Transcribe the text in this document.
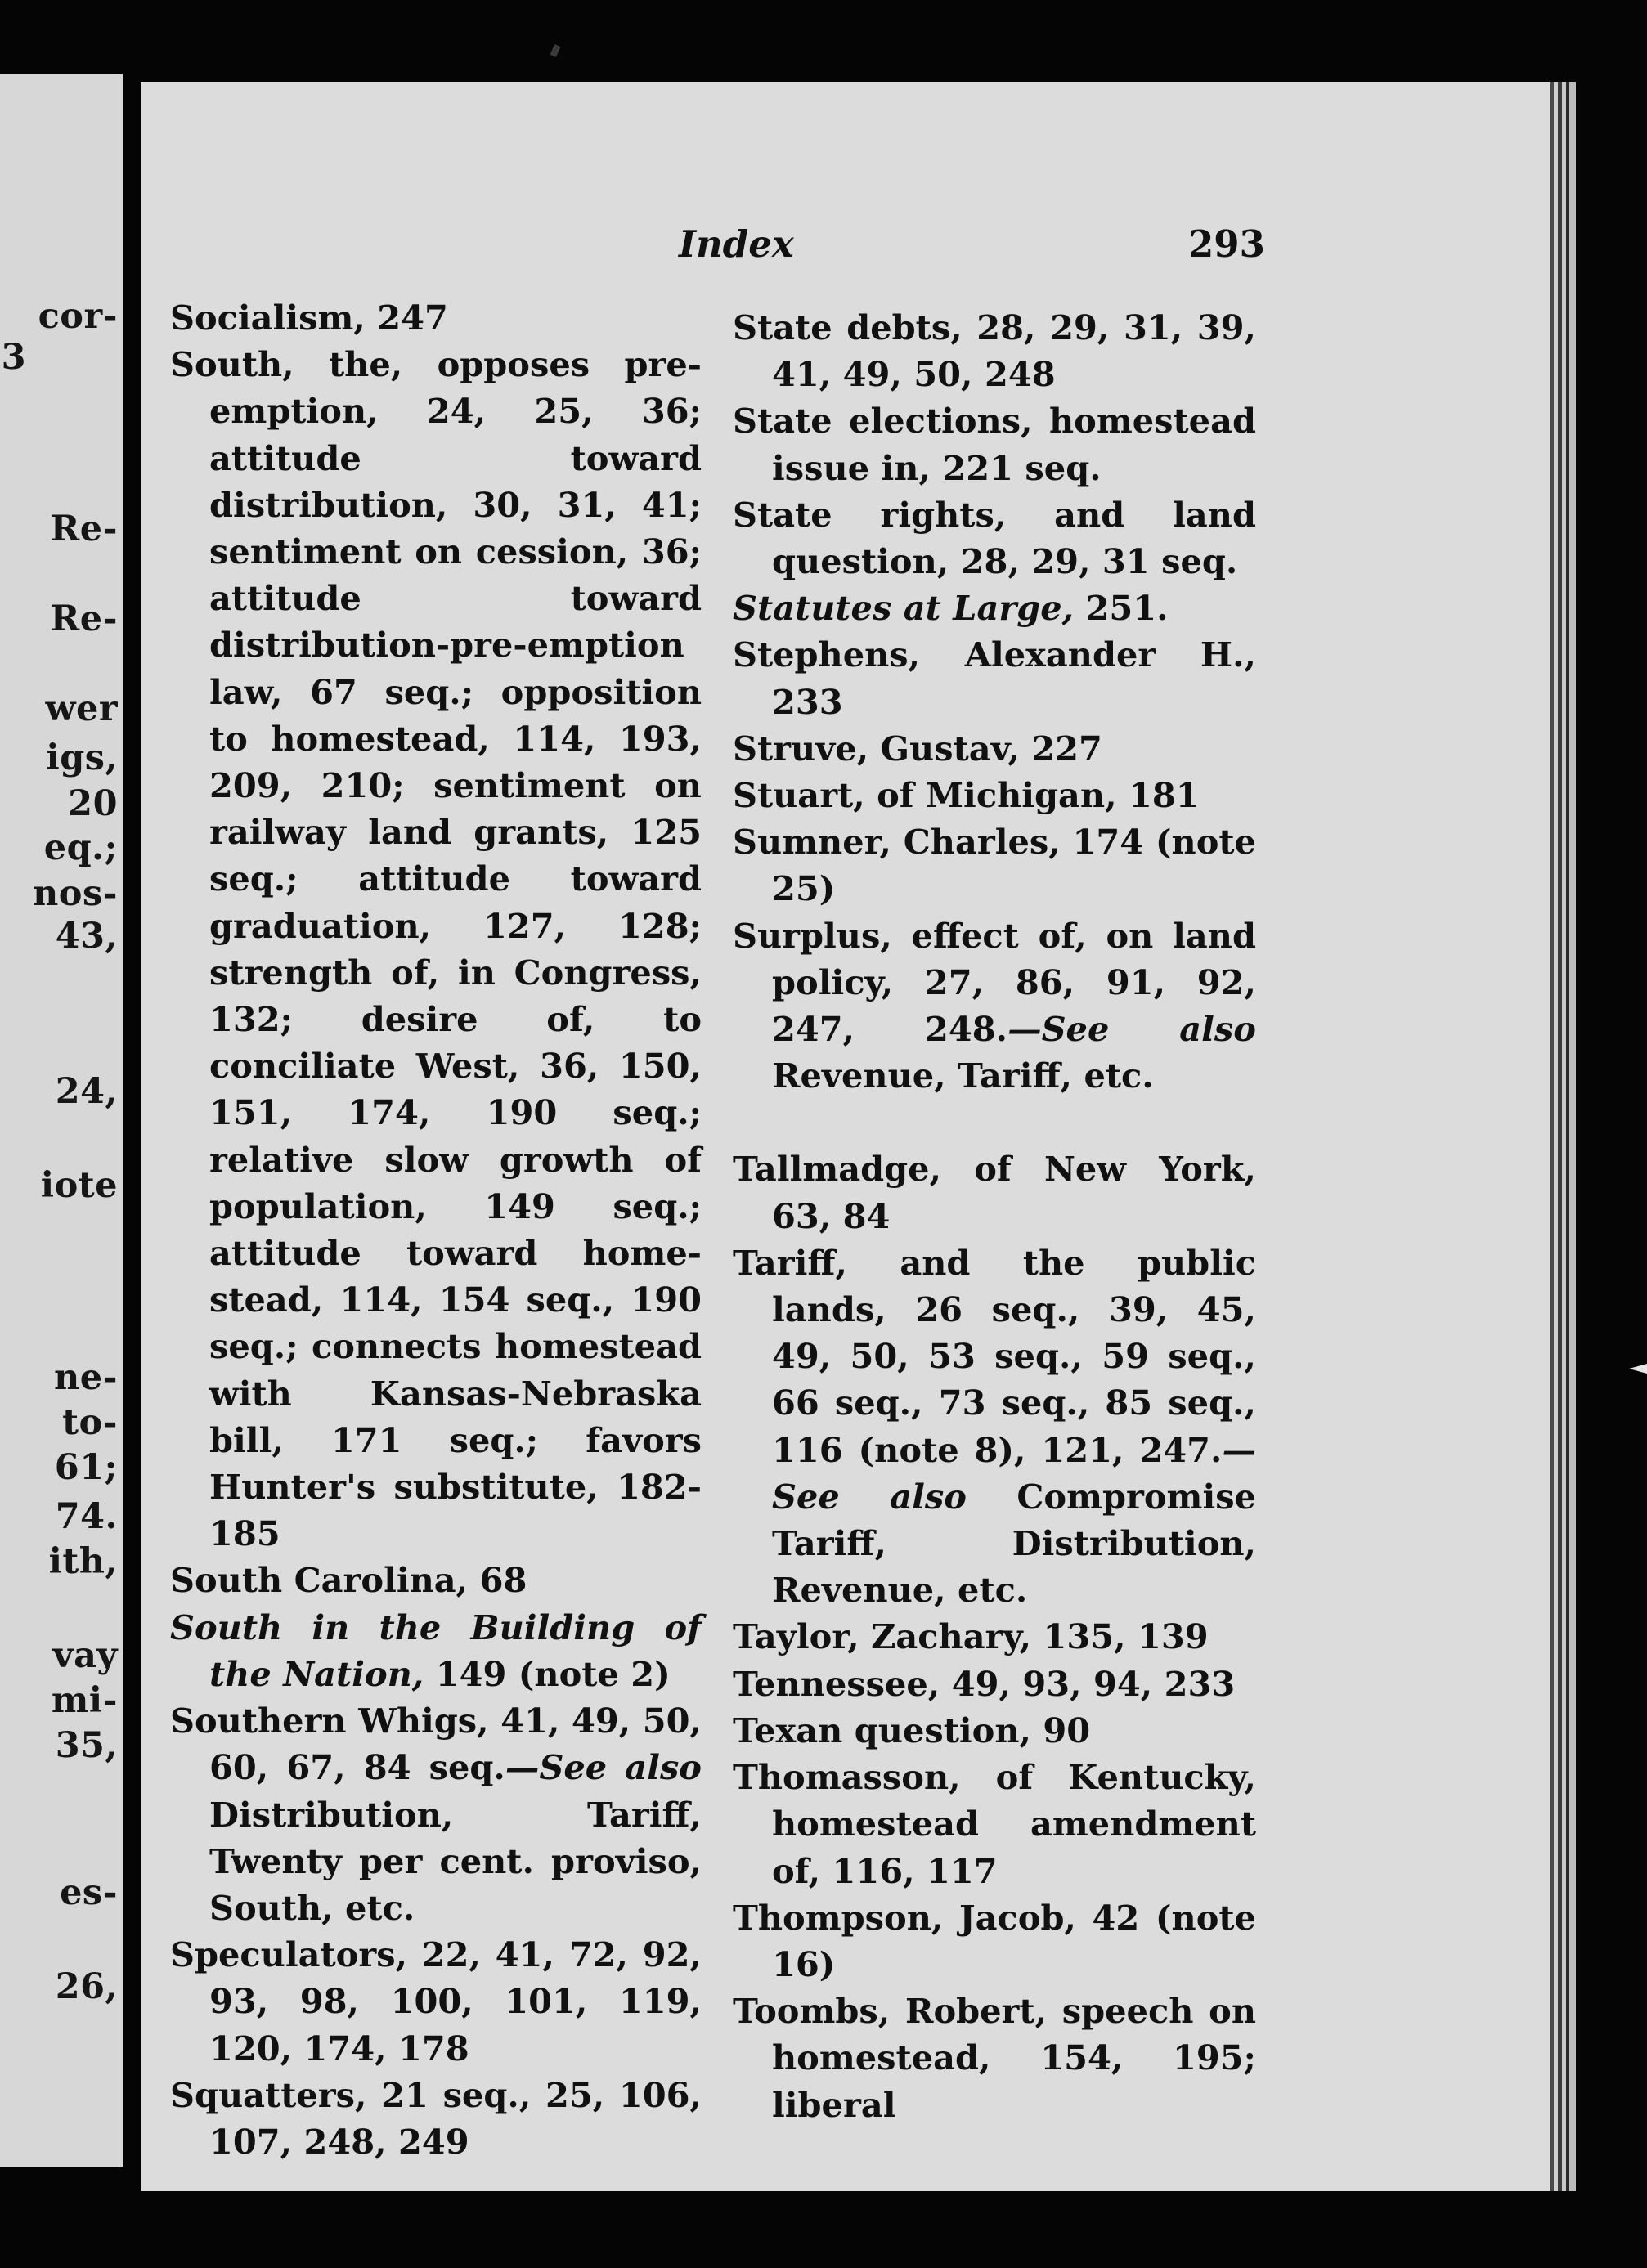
cor-
3
Re-
Re-
wer
igs,
20
eq.;
nos-
43,
24,
iote
ne-
to-
61;
74.
ith,
vay
mi-
35,
es-
26,
Index	293
Socialism, 247
South, the, opposes pre-emption, 24, 25, 36; attitude toward distribution, 30, 31, 41; sentiment on cession, 36; attitude toward distribution-pre-emption law, 67 seq.; opposition to homestead, 114, 193, 209, 210; sentiment on railway land grants, 125 seq.; attitude toward graduation, 127, 128; strength of, in Congress, 132; desire of, to conciliate West, 36, 150, 151, 174, 190 seq.; relative slow growth of population, 149 seq.; attitude toward homestead, 114, 154 seq., 190 seq.; connects homestead with Kansas-Nebraska bill, 171 seq.; favors Hunter's substitute, 182-185
South Carolina, 68
South in the Building of the Nation, 149 (note 2)
Southern Whigs, 41, 49, 50, 60, 67, 84 seq.—See also Distribution, Tariff, Twenty per cent. proviso, South, etc.
Speculators, 22, 41, 72, 92, 93, 98, 100, 101, 119, 120, 174, 178
Squatters, 21 seq., 25, 106, 107, 248, 249
State debts, 28, 29, 31, 39, 41, 49, 50, 248
State elections, homestead issue in, 221 seq.
State rights, and land question, 28, 29, 31 seq.
Statutes at Large, 251.
Stephens, Alexander H., 233
Struve, Gustav, 227
Stuart, of Michigan, 181
Sumner, Charles, 174 (note 25)
Surplus, effect of, on land policy, 27, 86, 91, 92, 247, 248.—See also Revenue, Tariff, etc.
Tallmadge, of New York, 63, 84
Tariff, and the public lands, 26 seq., 39, 45, 49, 50, 53 seq., 59 seq., 66 seq., 73 seq., 85 seq., 116 (note 8), 121, 247.—See also Compromise Tariff, Distribution, Revenue, etc.
Taylor, Zachary, 135, 139
Tennessee, 49, 93, 94, 233
Texan question, 90
Thomasson, of Kentucky, homestead amendment of, 116, 117
Thompson, Jacob, 42 (note 16)
Toombs, Robert, speech on homestead, 154, 195; liberal
